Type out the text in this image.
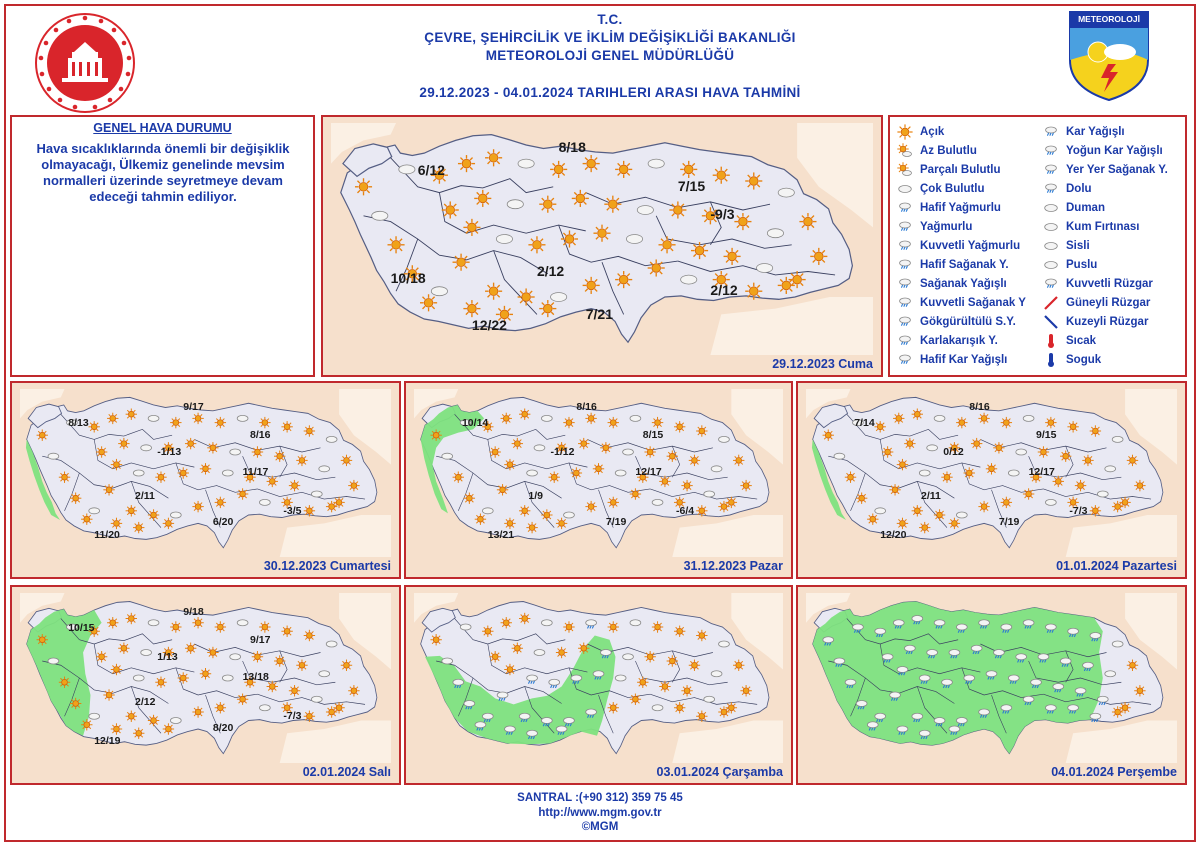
METEOROLOJİ
T.C.
ÇEVRE, ŞEHİRCİLİK VE İKLİM DEĞİŞİKLİĞİ BAKANLIĞI
METEOROLOJİ GENEL MÜDÜRLÜĞÜ
29.12.2023 - 04.01.2024 TARIHLERI ARASI HAVA TAHMİNİ
GENEL HAVA DURUMU
Hava sıcaklıklarında önemli bir değişiklik olmayacağı, Ülkemiz genelinde mevsim normalleri üzerinde seyretmeye devam edeceği tahmin ediliyor.
29.12.2023 Cuma
6/12
8/18
7/15
2/12
-9/3
10/18
2/12
7/21
12/22
30.12.2023 Cumartesi
8/13
9/17
8/16
2/11
-3/5
11/17
-1/13
6/20
11/20
31.12.2023 Pazar
10/14
8/16
8/15
1/9
-6/4
12/17
-1/12
7/19
13/21
01.01.2024 Pazartesi
7/14
8/16
9/15
2/11
-7/3
12/17
0/12
7/19
12/20
02.01.2024 Salı
10/15
9/18
9/17
2/12
-7/3
13/18
1/13
8/20
12/19
03.01.2024 Çarşamba	04.01.2024 Perşembe
Açık
Az Bulutlu
Parçalı Bulutlu
Çok Bulutlu
Hafif Yağmurlu
Yağmurlu
Kuvvetli Yağmurlu
Hafif Sağanak Y.
Sağanak Yağışlı
Kuvvetli Sağanak Y
Gökgürültülü S.Y.
Karlakarışık Y.
Hafif Kar Yağışlı
Kar Yağışlı
Yoğun Kar Yağışlı
Yer Yer Sağanak Y.
Dolu
Duman
Kum Fırtınası
Sisli
Puslu
Kuvvetli Rüzgar
Güneyli Rüzgar
Kuzeyli Rüzgar
Sıcak
Soguk
SANTRAL :(+90 312) 359 75 45
http://www.mgm.gov.tr
©MGM
